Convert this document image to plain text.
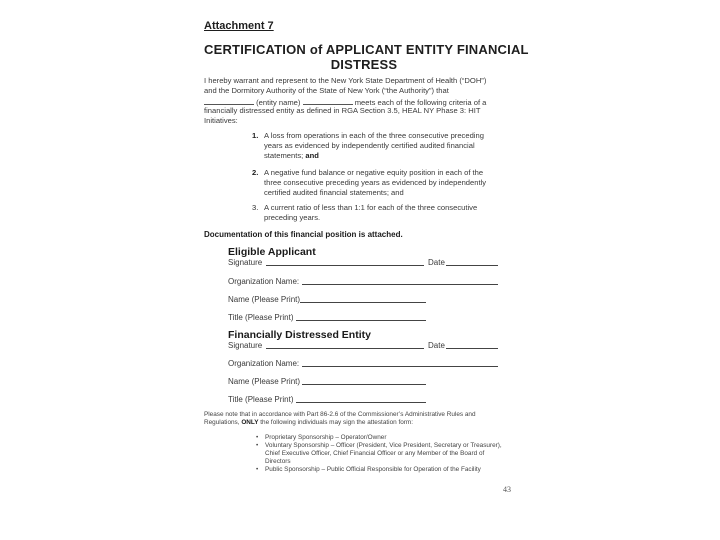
Attachment 7
CERTIFICATION of APPLICANT ENTITY FINANCIAL
DISTRESS
I hereby warrant and represent to the New York State Department of Health (“DOH”)
and the Dormitory Authority of the State of New York (“the Authority”) that
(entity name)	meets each of the following criteria of a
financially distressed entity as defined in RGA Section 3.5, HEAL NY Phase 3: HIT
Initiatives:
1. A loss from operations in each of the three consecutive preceding
years as evidenced by independently certified audited financial
statements; and
2. A negative fund balance or negative equity position in each of the
three consecutive preceding years as evidenced by independently
certified audited financial statements; and
3. A current ratio of less than 1:1 for each of the three consecutive
preceding years.
Documentation of this financial position is attached.
Eligible Applicant
Signature	Date
Organization Name:
Name (Please Print)
Title (Please Print)
Financially Distressed Entity
Signature	Date
Organization Name:
Name (Please Print)
Title (Please Print)
Please note that in accordance with Part 86-2.6 of the Commissioner’s Administrative Rules and
Regulations, ONLY the following individuals may sign the attestation form:
• Proprietary Sponsorship – Operator/Owner
• Voluntary Sponsorship – Officer (President, Vice President, Secretary or Treasurer),
Chief Executive Officer, Chief Financial Officer or any Member of the Board of
Directors
• Public Sponsorship – Public Official Responsible for Operation of the Facility
43
